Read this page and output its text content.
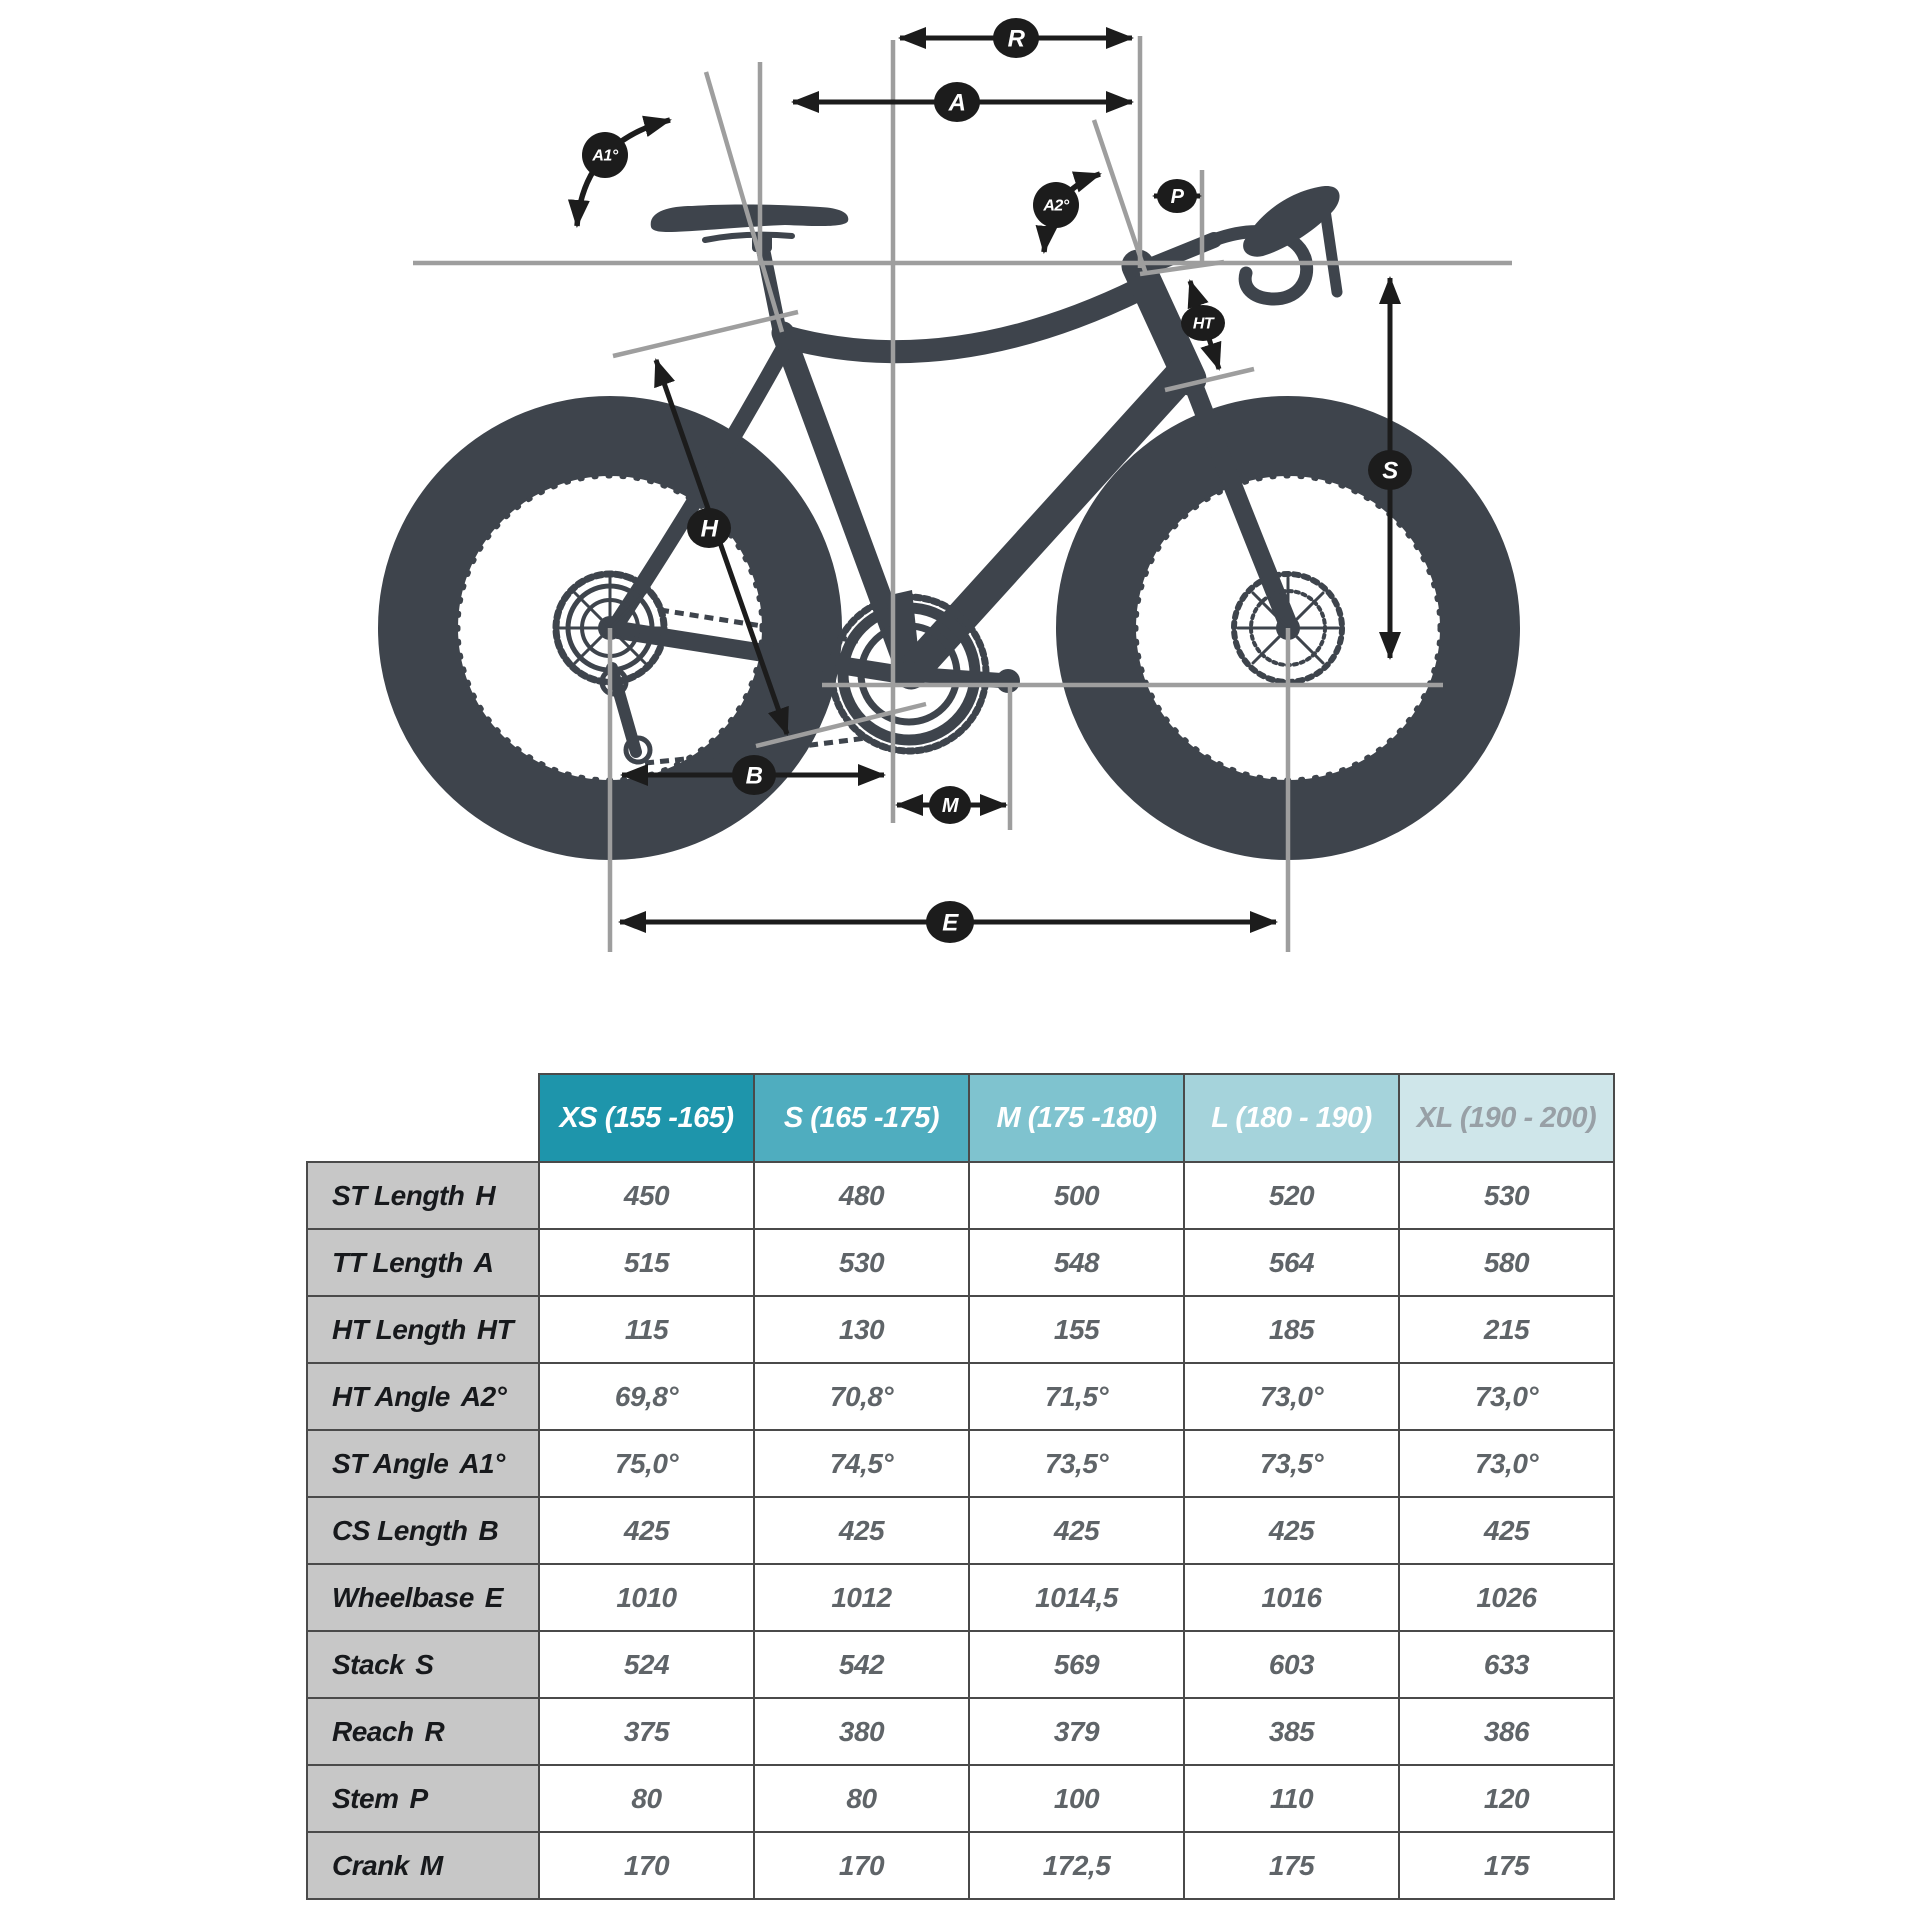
R
A
A1°
A2°	P
HT
H
S
B
M
E
	XS (155 -165)	S (165 -175)	M (175 -180)	L (180 - 190)	XL (190 - 200)
ST Length H	450	480	500	520	530
TT Length A	515	530	548	564	580
HT Length HT	115	130	155	185	215
HT Angle A2°	69,8°	70,8°	71,5°	73,0°	73,0°
ST Angle A1°	75,0°	74,5°	73,5°	73,5°	73,0°
CS Length B	425	425	425	425	425
Wheelbase E	1010	1012	1014,5	1016	1026
Stack S	524	542	569	603	633
Reach R	375	380	379	385	386
Stem P	80	80	100	110	120
Crank M	170	170	172,5	175	175
